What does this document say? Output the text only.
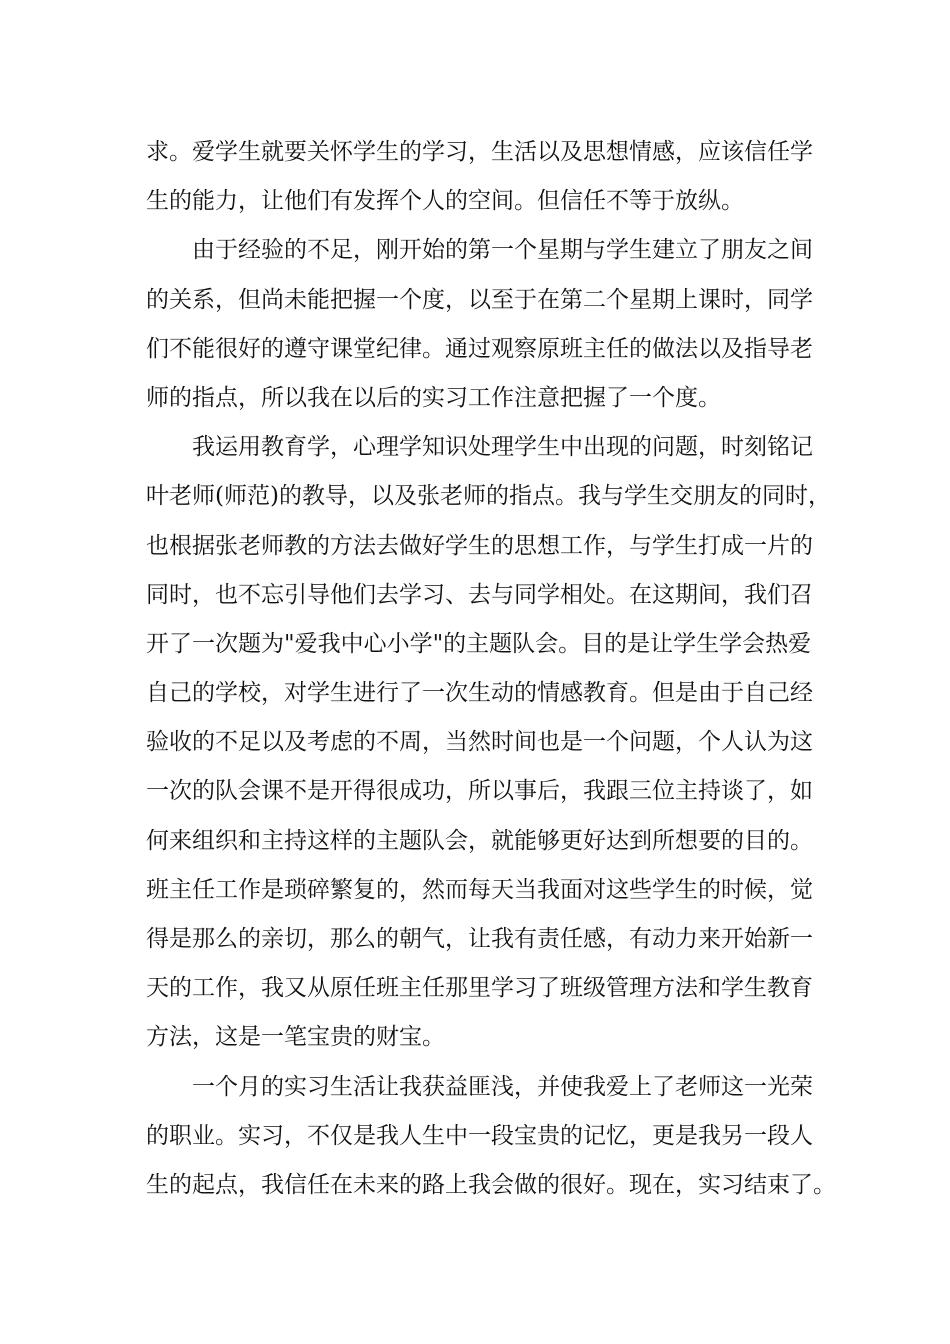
求。爱学生就要关怀学生的学习，生活以及思想情感，应该信任学
生的能力，让他们有发挥个人的空间。但信任不等于放纵。
由于经验的不足，刚开始的第一个星期与学生建立了朋友之间
的关系，但尚未能把握一个度，以至于在第二个星期上课时，同学
们不能很好的遵守课堂纪律。通过观察原班主任的做法以及指导老
师的指点，所以我在以后的实习工作注意把握了一个度。
我运用教育学，心理学知识处理学生中出现的问题，时刻铭记
叶老师(师范)的教导，以及张老师的指点。我与学生交朋友的同时，
也根据张老师教的方法去做好学生的思想工作，与学生打成一片的
同时，也不忘引导他们去学习、去与同学相处。在这期间，我们召
开了一次题为"爱我中心小学"的主题队会。目的是让学生学会热爱
自己的学校，对学生进行了一次生动的情感教育。但是由于自己经
验收的不足以及考虑的不周，当然时间也是一个问题，个人认为这
一次的队会课不是开得很成功，所以事后，我跟三位主持谈了，如
何来组织和主持这样的主题队会，就能够更好达到所想要的目的。
班主任工作是琐碎繁复的，然而每天当我面对这些学生的时候，觉
得是那么的亲切，那么的朝气，让我有责任感，有动力来开始新一
天的工作，我又从原任班主任那里学习了班级管理方法和学生教育
方法，这是一笔宝贵的财宝。
一个月的实习生活让我获益匪浅，并使我爱上了老师这一光荣
的职业。实习，不仅是我人生中一段宝贵的记忆，更是我另一段人
生的起点，我信任在未来的路上我会做的很好。现在，实习结束了。
